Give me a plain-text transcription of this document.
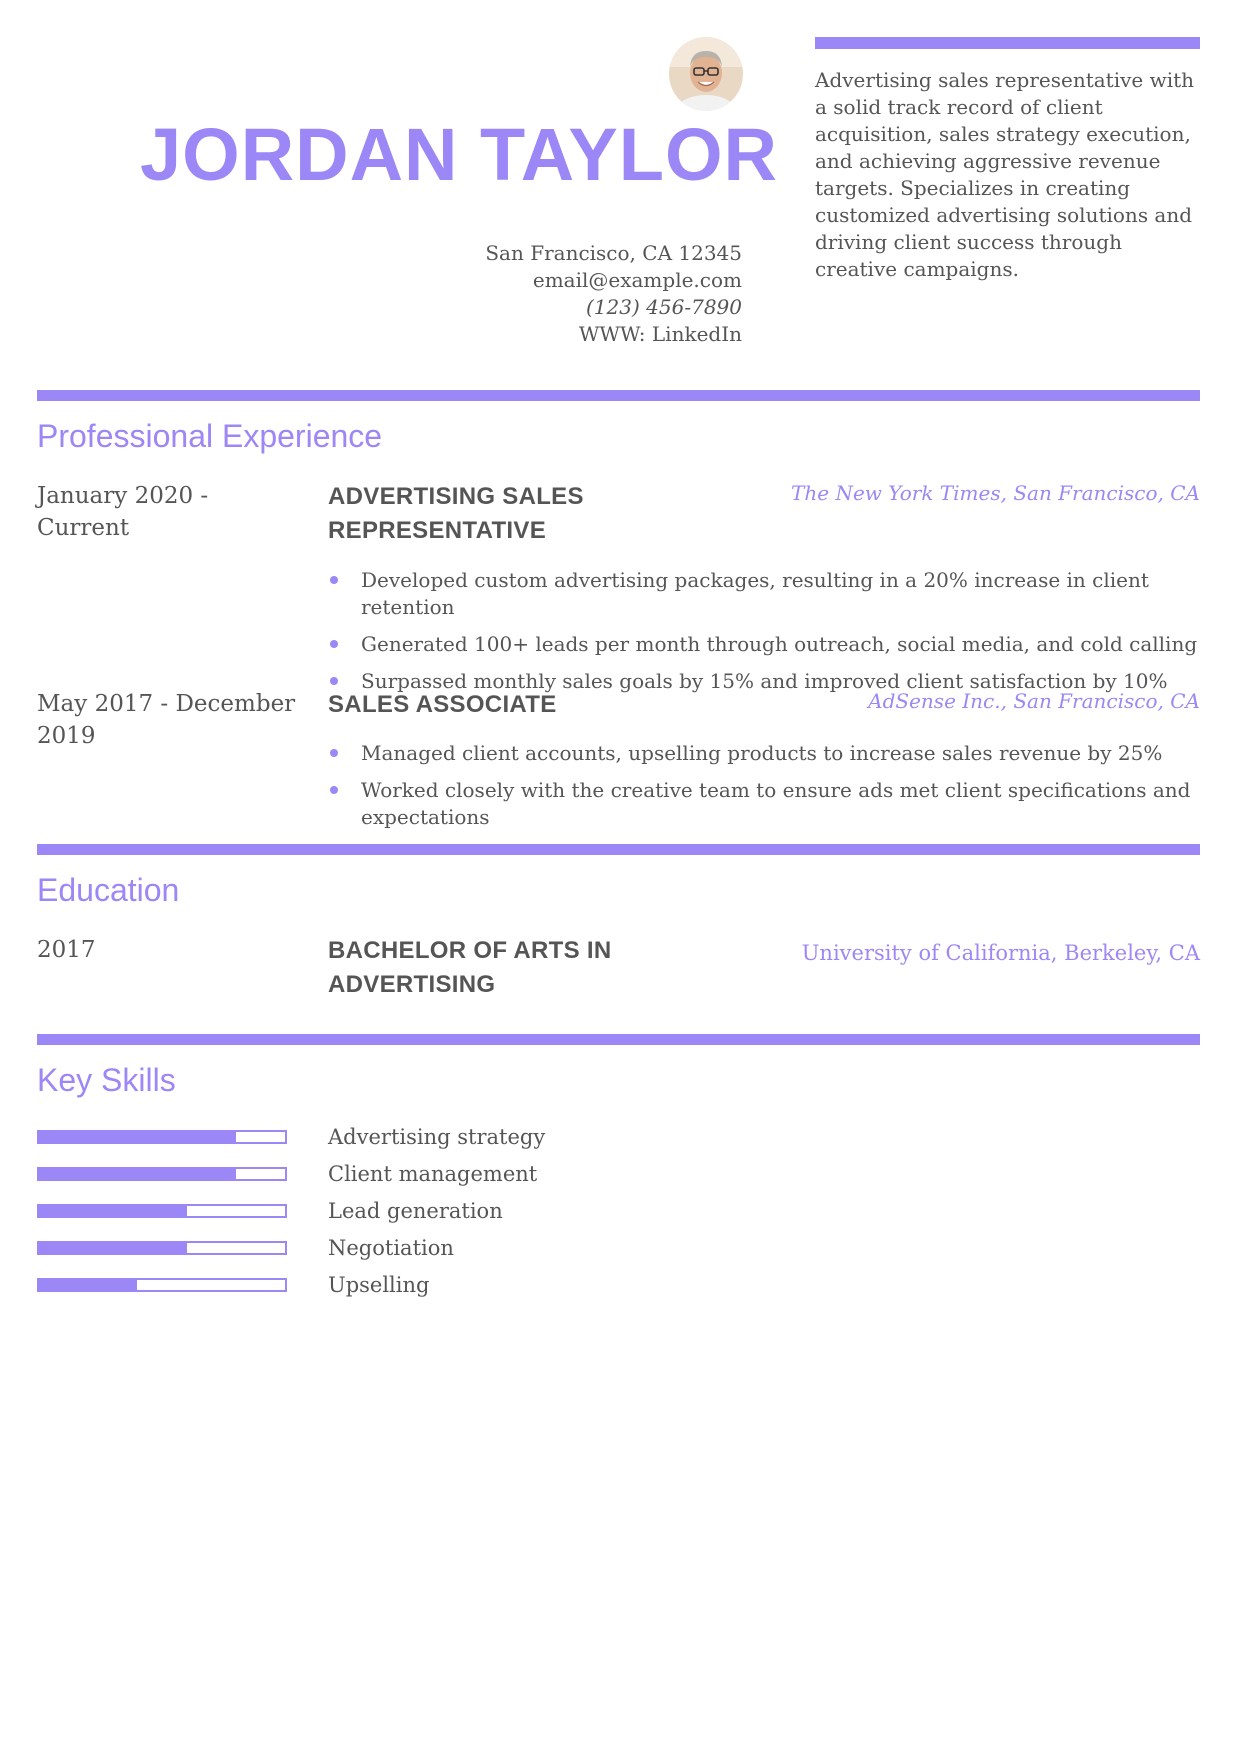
JORDAN TAYLOR
San Francisco, CA 12345
email@example.com
(123) 456-7890
WWW: LinkedIn
Advertising sales representative with a solid track record of client acquisition, sales strategy execution, and achieving aggressive revenue targets. Specializes in creating customized advertising solutions and driving client success through creative campaigns.
Professional Experience
January 2020 - Current
ADVERTISING SALES REPRESENTATIVE
The New York Times, San Francisco, CA
Developed custom advertising packages, resulting in a 20% increase in client retention
Generated 100+ leads per month through outreach, social media, and cold calling
Surpassed monthly sales goals by 15% and improved client satisfaction by 10%
May 2017 - December 2019
SALES ASSOCIATE	AdSense Inc., San Francisco, CA
Managed client accounts, upselling products to increase sales revenue by 25%
Worked closely with the creative team to ensure ads met client specifications and expectations
Education
2017	BACHELOR OF ARTS IN ADVERTISING
University of California, Berkeley, CA
Key Skills
Advertising strategy
Client management
Lead generation
Negotiation
Upselling
